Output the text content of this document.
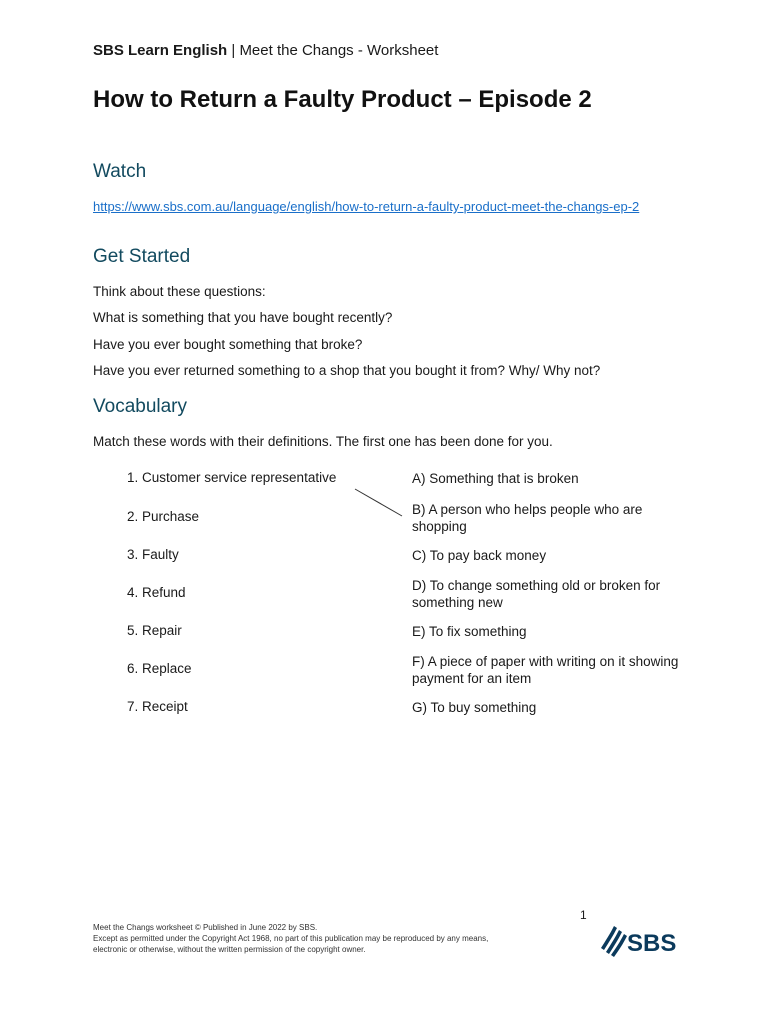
SBS Learn English | Meet the Changs - Worksheet
How to Return a Faulty Product – Episode 2
Watch
https://www.sbs.com.au/language/english/how-to-return-a-faulty-product-meet-the-changs-ep-2
Get Started

Think about these questions:

What is something that you have bought recently?

Have you ever bought something that broke?

Have you ever returned something to a shop that you bought it from? Why/ Why not?

Vocabulary

Match these words with their definitions. The first one has been done for you.

1. Customer service representative
2. Purchase
3. Faulty
4. Refund
5. Repair
6. Replace
7. Receipt
A) Something that is broken
B) A person who helps people who are shopping
C) To pay back money
D) To change something old or broken for something new
E) To fix something
F) A piece of paper with writing on it showing payment for an item
G) To buy something
1
Meet the Changs worksheet © Published in June 2022 by SBS.
Except as permitted under the Copyright Act 1968, no part of this publication may be reproduced by any means,
electronic or otherwise, without the written permission of the copyright owner.	SBS
